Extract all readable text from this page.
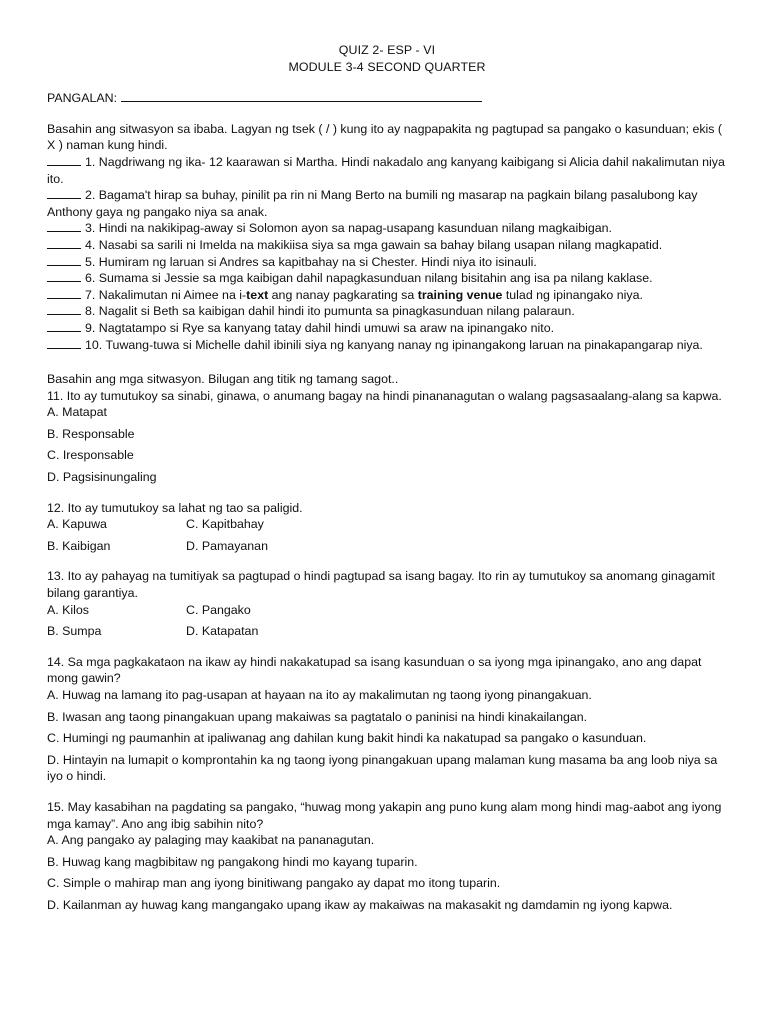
QUIZ 2- ESP - VI
MODULE 3-4 SECOND QUARTER
PANGALAN:
Basahin ang sitwasyon sa ibaba. Lagyan ng tsek ( / ) kung ito ay nagpapakita ng pagtupad sa pangako o kasunduan; ekis ( X ) naman kung hindi.
1. Nagdriwang ng ika- 12 kaarawan si Martha. Hindi nakadalo ang kanyang kaibigang si Alicia dahil nakalimutan niya ito.
2. Bagama't hirap sa buhay, pinilit pa rin ni Mang Berto na bumili ng masarap na pagkain bilang pasalubong kay Anthony gaya ng pangako niya sa anak.
3. Hindi na nakikipag-away si Solomon ayon sa napag-usapang kasunduan nilang magkaibigan.
4. Nasabi sa sarili ni Imelda na makikiisa siya sa mga gawain sa bahay bilang usapan nilang magkapatid.
5. Humiram ng laruan si Andres sa kapitbahay na si Chester. Hindi niya ito isinauli.
6. Sumama si Jessie sa mga kaibigan dahil napagkasunduan nilang bisitahin ang isa pa nilang kaklase.
7. Nakalimutan ni Aimee na i-text ang nanay pagkarating sa training venue tulad ng ipinangako niya.
8. Nagalit si Beth sa kaibigan dahil hindi ito pumunta sa pinagkasunduan nilang palaraun.
9. Nagtatampo si Rye sa kanyang tatay dahil hindi umuwi sa araw na ipinangako nito.
10. Tuwang-tuwa si Michelle dahil ibinili siya ng kanyang nanay ng ipinangakong laruan na pinakapangarap niya.
Basahin ang mga sitwasyon. Bilugan ang titik ng tamang sagot..
11. Ito ay tumutukoy sa sinabi, ginawa, o anumang bagay na hindi pinananagutan o walang pagsasaalang-alang sa kapwa.
A. Matapat
B. Responsable
C. Iresponsable
D. Pagsisinungaling
12. Ito ay tumutukoy sa lahat ng tao sa paligid.
A. Kapuwa	C. Kapitbahay
B. Kaibigan	D. Pamayanan
13. Ito ay pahayag na tumitiyak sa pagtupad o hindi pagtupad sa isang bagay. Ito rin ay tumutukoy sa anomang ginagamit bilang garantiya.
A. Kilos	C. Pangako
B. Sumpa	D. Katapatan
14. Sa mga pagkakataon na ikaw ay hindi nakakatupad sa isang kasunduan o sa iyong mga ipinangako, ano ang dapat mong gawin?
A. Huwag na lamang ito pag-usapan at hayaan na ito ay makalimutan ng taong iyong pinangakuan.
B. Iwasan ang taong pinangakuan upang makaiwas sa pagtatalo o paninisi na hindi kinakailangan.
C. Humingi ng paumanhin at ipaliwanag ang dahilan kung bakit hindi ka nakatupad sa pangako o kasunduan.
D. Hintayin na lumapit o komprontahin ka ng taong iyong pinangakuan upang malaman kung masama ba ang loob niya sa iyo o hindi.
15. May kasabihan na pagdating sa pangako, “huwag mong yakapin ang puno kung alam mong hindi mag-aabot ang iyong mga kamay”. Ano ang ibig sabihin nito?
A. Ang pangako ay palaging may kaakibat na pananagutan.
B. Huwag kang magbibitaw ng pangakong hindi mo kayang tuparin.
C. Simple o mahirap man ang iyong binitiwang pangako ay dapat mo itong tuparin.
D. Kailanman ay huwag kang mangangako upang ikaw ay makaiwas na makasakit ng damdamin ng iyong kapwa.
